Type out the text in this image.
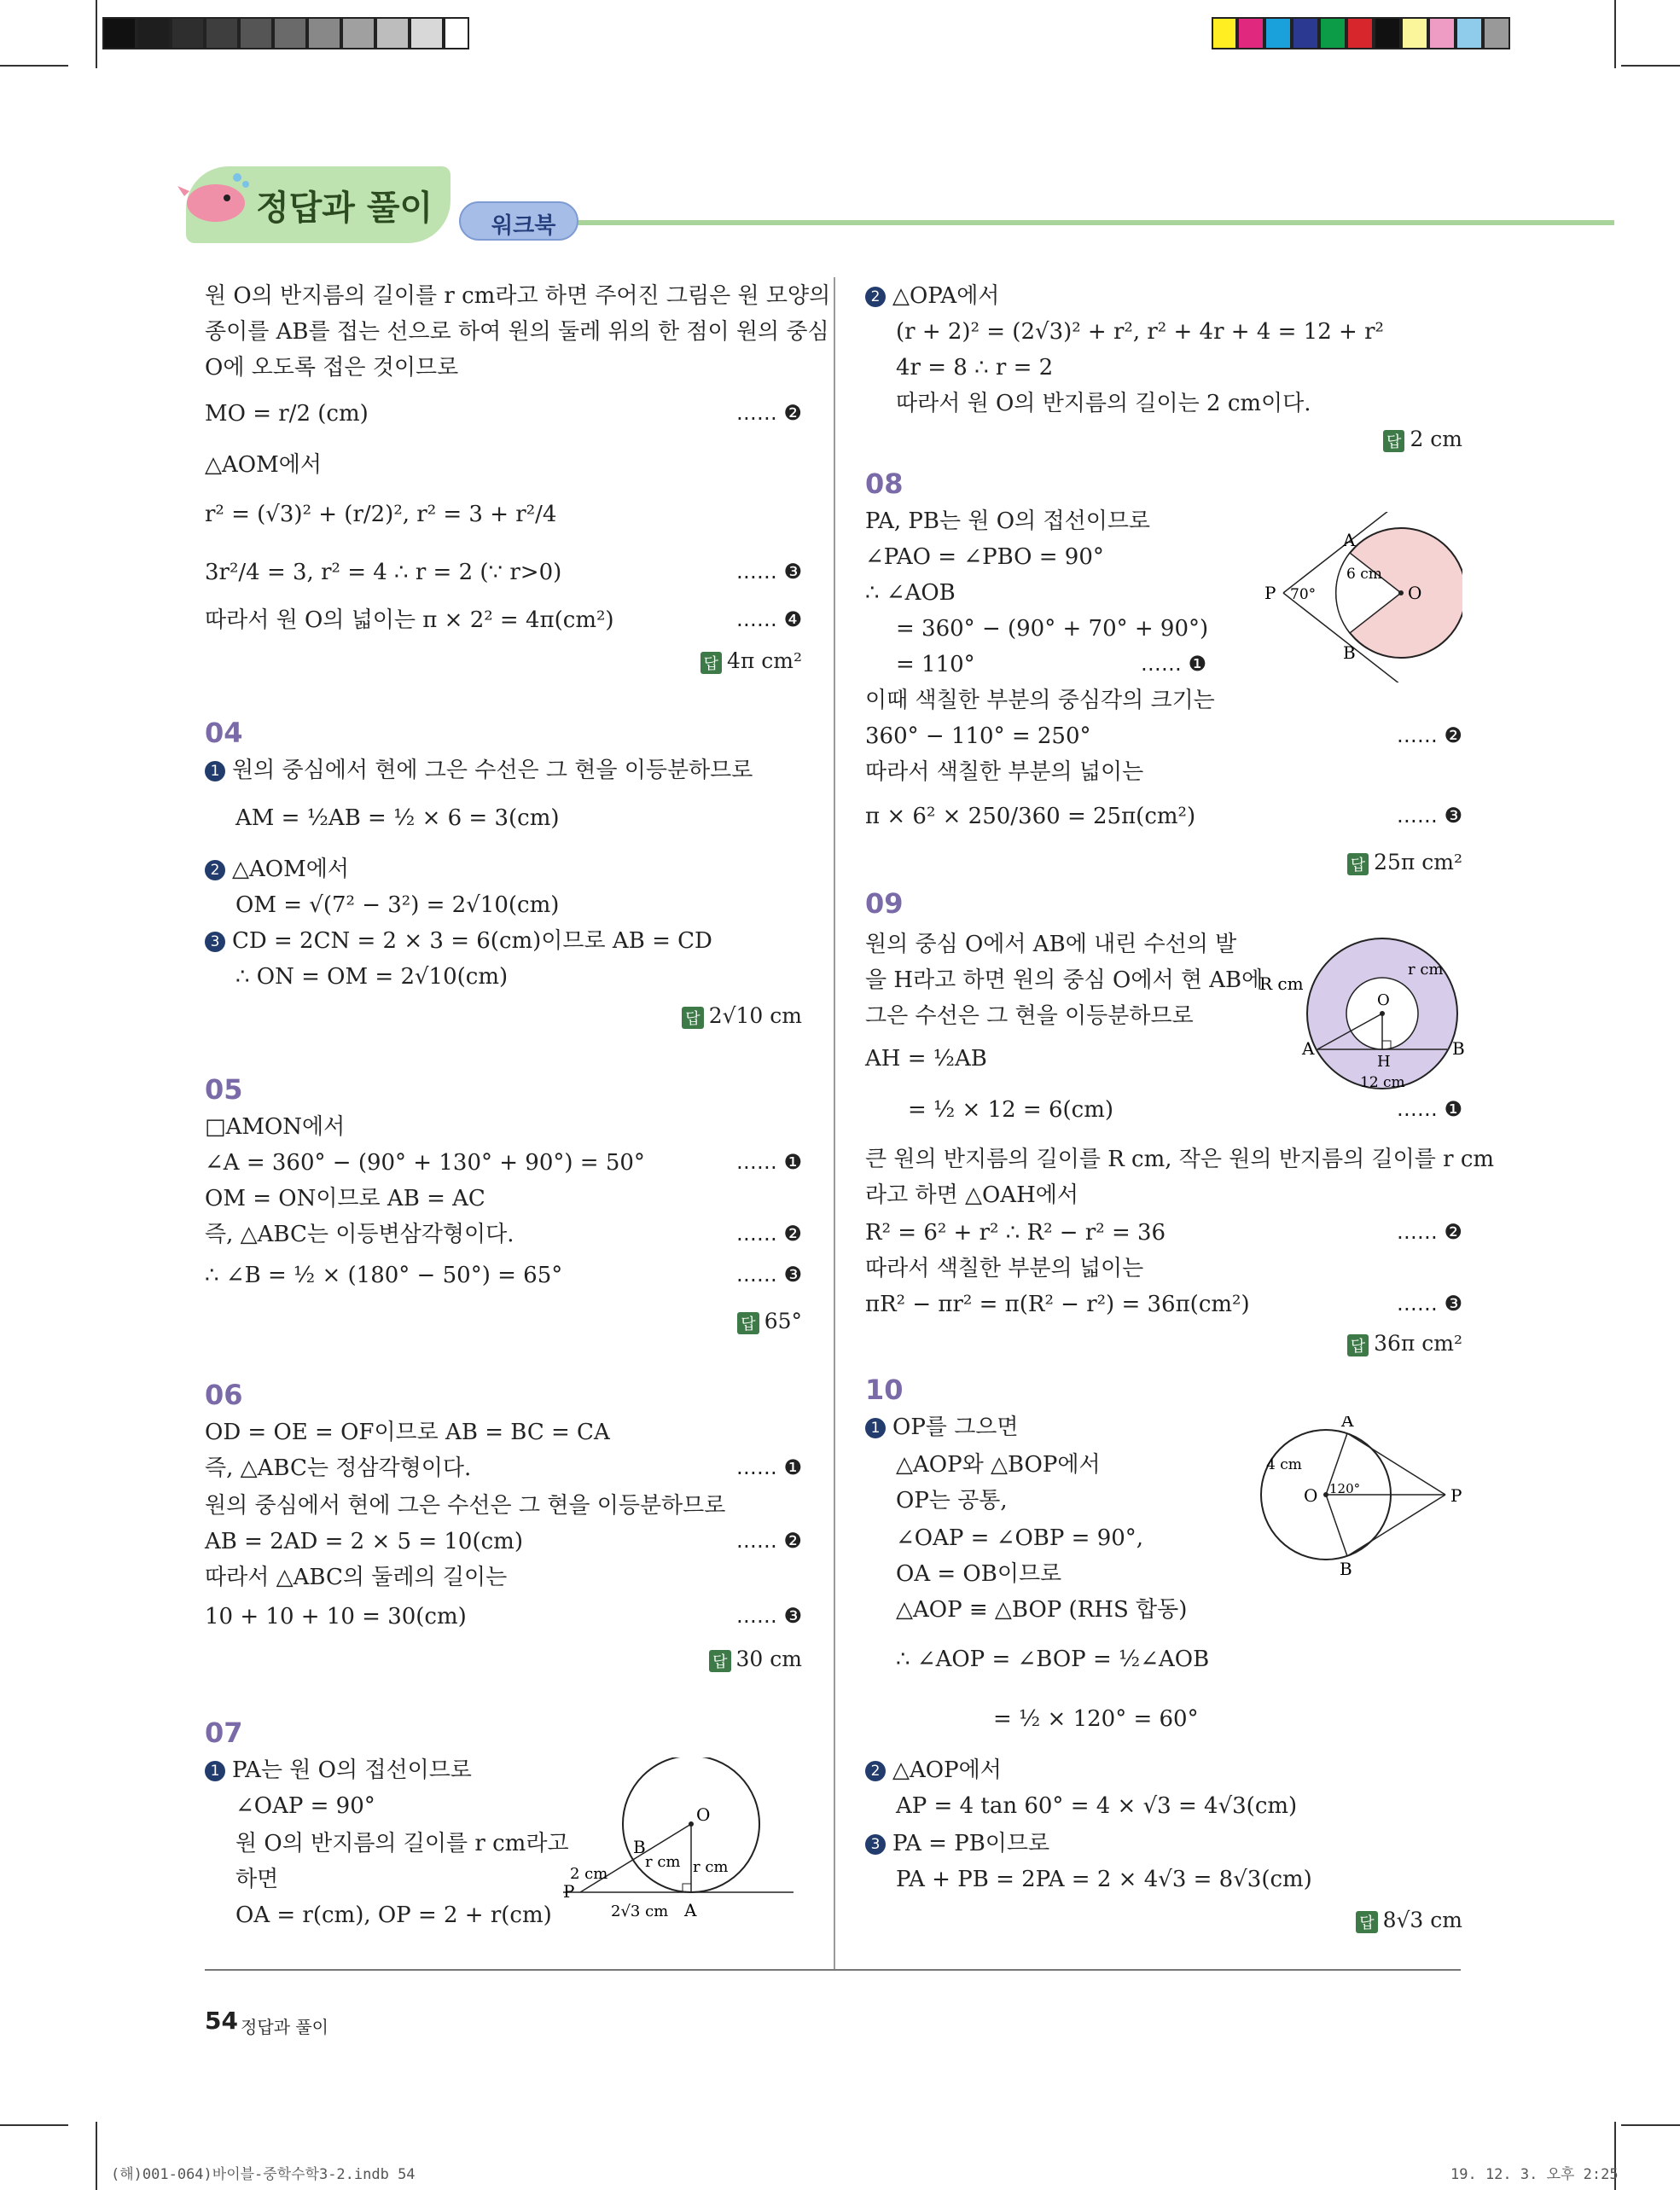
정답과 풀이	워크북
원 O의 반지름의 길이를 r cm라고 하면 주어진 그림은 원 모양의
종이를 AB를 접는 선으로 하여 원의 둘레 위의 한 점이 원의 중심
O에 오도록 접은 것이므로
MO = r/2 (cm)	…… ❷
△AOM에서
r² = (√3)² + (r/2)², r² = 3 + r²/4
3r²/4 = 3, r² = 4 ∴ r = 2 (∵ r>0)	…… ❸
따라서 원 O의 넓이는 π × 2² = 4π(cm²)	…… ❹
답 4π cm²
04
1 원의 중심에서 현에 그은 수선은 그 현을 이등분하므로
AM = ½AB = ½ × 6 = 3(cm)
2 △AOM에서
OM = √(7² − 3²) = 2√10(cm)
3 CD = 2CN = 2 × 3 = 6(cm)이므로 AB = CD
∴ ON = OM = 2√10(cm)
답 2√10 cm
05
□AMON에서
∠A = 360° − (90° + 130° + 90°) = 50°	…… ❶
OM = ON이므로 AB = AC
즉, △ABC는 이등변삼각형이다.	…… ❷
∴ ∠B = ½ × (180° − 50°) = 65°	…… ❸
답 65°
06
OD = OE = OF이므로 AB = BC = CA
즉, △ABC는 정삼각형이다.	…… ❶
원의 중심에서 현에 그은 수선은 그 현을 이등분하므로
AB = 2AD = 2 × 5 = 10(cm)	…… ❷
따라서 △ABC의 둘레의 길이는
10 + 10 + 10 = 30(cm)	…… ❸
답 30 cm
07
1 PA는 원 O의 접선이므로
∠OAP = 90°
원 O의 반지름의 길이를 r cm라고
하면
OA = r(cm), OP = 2 + r(cm)
O
B
P
A
r cm r cm
2 cm
2√3 cm
2 △OPA에서
(r + 2)² = (2√3)² + r², r² + 4r + 4 = 12 + r²
4r = 8 ∴ r = 2
따라서 원 O의 반지름의 길이는 2 cm이다.
답 2 cm
08
PA, PB는 원 O의 접선이므로
∠PAO = ∠PBO = 90°
∴ ∠AOB
= 360° − (90° + 70° + 90°)
= 110°	…… ❶
이때 색칠한 부분의 중심각의 크기는
360° − 110° = 250°	…… ❷
따라서 색칠한 부분의 넓이는
π × 6² × 250/360 = 25π(cm²)	…… ❸
답 25π cm²
P 70°
A
B
O
6 cm
09
원의 중심 O에서 AB에 내린 수선의 발
을 H라고 하면 원의 중심 O에서 현 AB에
그은 수선은 그 현을 이등분하므로
AH = ½AB
= ½ × 12 = 6(cm)	…… ❶
큰 원의 반지름의 길이를 R cm, 작은 원의 반지름의 길이를 r cm
라고 하면 △OAH에서
R² = 6² + r² ∴ R² − r² = 36	…… ❷
따라서 색칠한 부분의 넓이는
πR² − πr² = π(R² − r²) = 36π(cm²)	…… ❸
답 36π cm²
R cm
r cm
O
A	B
H
12 cm
10
1 OP를 그으면
△AOP와 △BOP에서
OP는 공통,
∠OAP = ∠OBP = 90°,
OA = OB이므로
△AOP ≡ △BOP (RHS 합동)
∴ ∠AOP = ∠BOP = ½∠AOB
= ½ × 120° = 60°
2 △AOP에서
AP = 4 tan 60° = 4 × √3 = 4√3(cm)
3 PA = PB이므로
PA + PB = 2PA = 2 × 4√3 = 8√3(cm)
답 8√3 cm
A
B
O	P
4 cm
120°
54 정답과 풀이
(해)001-064)바이블-중학수학3-2.indb 54	19. 12. 3. 오후 2:25
